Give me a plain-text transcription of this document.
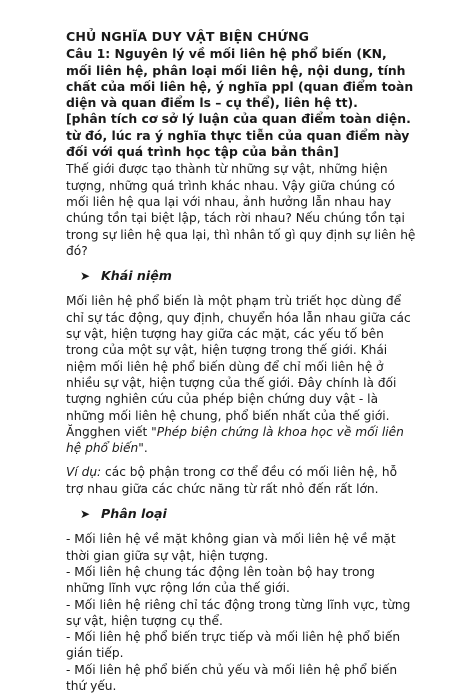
CHỦ NGHĨA DUY VẬT BIỆN CHỨNG

Câu 1: Nguyên lý về mối liên hệ phổ biến (KN, mối liên hệ, phân loại mối liên hệ, nội dung, tính chất của mối liên hệ, ý nghĩa ppl (quan điểm toàn diện và quan điểm ls – cụ thể), liên hệ tt).

[phân tích cơ sở lý luận của quan điểm toàn diện. từ đó, lúc ra ý nghĩa thực tiễn của quan điểm này đối với quá trình học tập của bản thân]

Thế giới được tạo thành từ những sự vật, những hiện tượng, những quá trình khác nhau. Vậy giữa chúng có mối liên hệ qua lại với nhau, ảnh hưởng lẫn nhau hay chúng tồn tại biệt lập, tách rời nhau? Nếu chúng tồn tại trong sự liên hệ qua lại, thì nhân tố gì quy định sự liên hệ đó?

➤ Khái niệm

Mối liên hệ phổ biến là một phạm trù triết học dùng để chỉ sự tác động, quy định, chuyển hóa lẫn nhau giữa các sự vật, hiện tượng hay giữa các mặt, các yếu tố bên trong của một sự vật, hiện tượng trong thế giới. Khái niệm mối liên hệ phổ biến dùng để chỉ mối liên hệ ở nhiều sự vật, hiện tượng của thế giới. Đây chính là đối tượng nghiên cứu của phép biện chứng duy vật - là những mối liên hệ chung, phổ biến nhất của thế giới. Ăngghen viết "Phép biện chứng là khoa học về mối liên hệ phổ biến".

Ví dụ: các bộ phận trong cơ thể đều có mối liên hệ, hỗ trợ nhau giữa các chức năng từ rất nhỏ đến rất lớn.

➤ Phân loại

- Mối liên hệ về mặt không gian và mối liên hệ về mặt thời gian giữa sự vật, hiện tượng.

- Mối liên hệ chung tác động lên toàn bộ hay trong những lĩnh vực rộng lớn của thế giới.

- Mối liên hệ riêng chỉ tác động trong từng lĩnh vực, từng sự vật, hiện tượng cụ thể.

- Mối liên hệ phổ biến trực tiếp và mối liên hệ phổ biến gián tiếp.

- Mối liên hệ phổ biến chủ yếu và mối liên hệ phổ biến thứ yếu.
